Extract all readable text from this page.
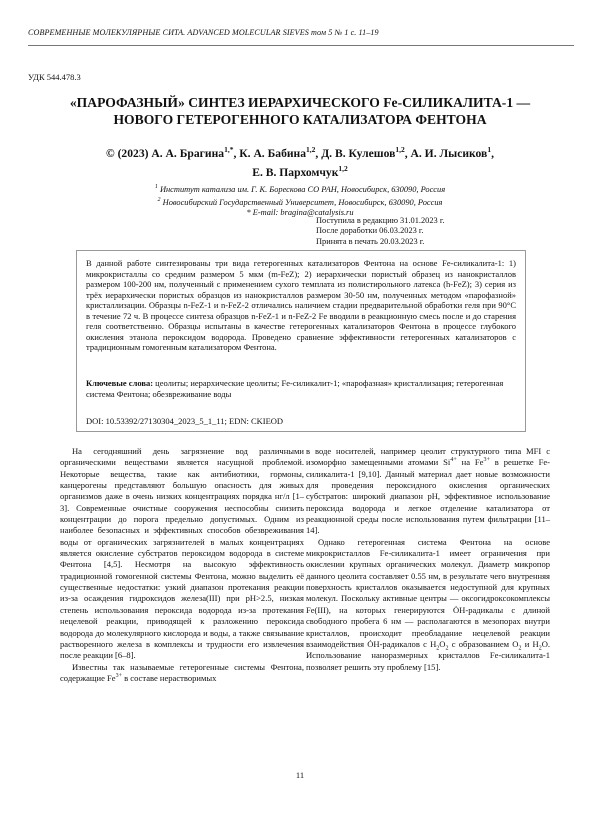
СОВРЕМЕННЫЕ МОЛЕКУЛЯРНЫЕ СИТА. ADVANCED MOLECULAR SIEVES том 5 № 1 с. 11–19
УДК 544.478.3
«ПАРОФАЗНЫЙ» СИНТЕЗ ИЕРАРХИЧЕСКОГО Fe-СИЛИКАЛИТА-1 — НОВОГО ГЕТЕРОГЕННОГО КАТАЛИЗАТОРА ФЕНТОНА
© (2023) А. А. Брагина$^{1,*}$, К. А. Бабина$^{1,2}$, Д. В. Кулешов$^{1,2}$, А. И. Лысиков$^1$,
Е. В. Пархомчук$^{1,2}$
$^1$ Институт катализа им. Г. К. Борескова СО РАН, Новосибирск, 630090, Россия
$^2$ Новосибирский Государственный Университет, Новосибирск, 630090, Россия
* E-mail: bragina@catalysis.ru
Поступила в редакцию 31.01.2023 г.
После доработки 06.03.2023 г.
Принята в печать 20.03.2023 г.
В данной работе синтезированы три вида гетерогенных катализаторов Фентона на основе Fe-силикалита-1: 1) микрокристаллы со средним размером 5 мкм (m-FeZ); 2) иерархически пористый образец из нанокристаллов размером 100-200 нм, полученный с применением сухого темплата из полистирольного латекса (h-FeZ); 3) серия из трёх иерархически пористых образцов из нанокристаллов размером 30-50 нм, полученных методом «парофазной» кристаллизации. Образцы n-FeZ-1 и n-FeZ-2 отличались наличием стадии предварительной обработки геля при 90°C в течение 72 ч. В процессе синтеза образцов n-FeZ-1 и n-FeZ-2 Fe вводили в реакционную смесь после и до старения геля соответственно. Образцы испытаны в качестве гетерогенных катализаторов Фентона в процессе глубокого окисления этанола пероксидом водорода. Проведено сравнение эффективности гетерогенных катализаторов с традиционным гомогенным катализатором Фентона.
Ключевые слова: цеолиты; иерархические цеолиты; Fe-силикалит-1; «парофазная» кристаллизация; гетерогенная система Фентона; обезвреживание воды
DOI: 10.53392/27130304_2023_5_1_11; EDN: CKIEOD

На сегодняшний день загрязнение вод различными органическими веществами является насущной проблемой. Некоторые вещества, такие как антибиотики, гормоны, канцерогены представляют большую опасность для живых организмов даже в очень низких концентрациях порядка нг/л [1–3]. Современные очистные сооружения неспособны снизить концентрации до порога предельно допустимых. Одним из наиболее безопасных и эффективных способов обезвреживания воды от органических загрязнителей в малых концентрациях является окисление субстратов пероксидом водорода в системе Фентона [4,5]. Несмотря на высокую эффективность традиционной гомогенной системы Фентона, можно выделить её существенные недостатки: узкий диапазон протекания реакции из-за осаждения гидроксидов железа(III) при pH>2.5, низкая степень использования пероксида водорода из-за протекания нецелевой реакции, приводящей к разложению пероксида водорода до молекулярного кислорода и воды, а также связывание растворенного железа в комплексы и трудности его извлечения после реакции [6–8].

Известны так называемые гетерогенные системы Фентона, содержащие $Fe^{3+}$ в составе нерастворимых

в воде носителей, например цеолит структурного типа MFI с изоморфно замещенными атомами $Si^{4+}$ на $Fe^{3+}$ в решетке Fe-силикалита-1 [9,10]. Данный материал дает новые возможности для проведения пероксидного окисления органических субстратов: широкий диапазон pH, эффективное использование пероксида водорода и легкое отделение катализатора от реакционной среды после использования путем фильтрации [11–14].

Однако гетерогенная система Фентона на основе микрокристаллов Fe-силикалита-1 имеет ограничения при окислении крупных органических молекул. Диаметр микропор данного цеолита составляет 0.55 нм, в результате чего внутренняя поверхность кристаллов оказывается недоступной для крупных молекул. Поскольку активные центры — оксогидроксокомплексы Fe(III), на которых генерируются ȮH-радикалы с длиной свободного пробега 6 нм — располагаются в мезопорах внутри кристаллов, происходит преобладание нецелевой реакции взаимодействия ȮH-радикалов с $H_2O_2$ с образованием $O_2$ и $H_2O$. Использование наноразмерных кристаллов Fe-силикалита-1 позволяет решить эту проблему [15].

11
